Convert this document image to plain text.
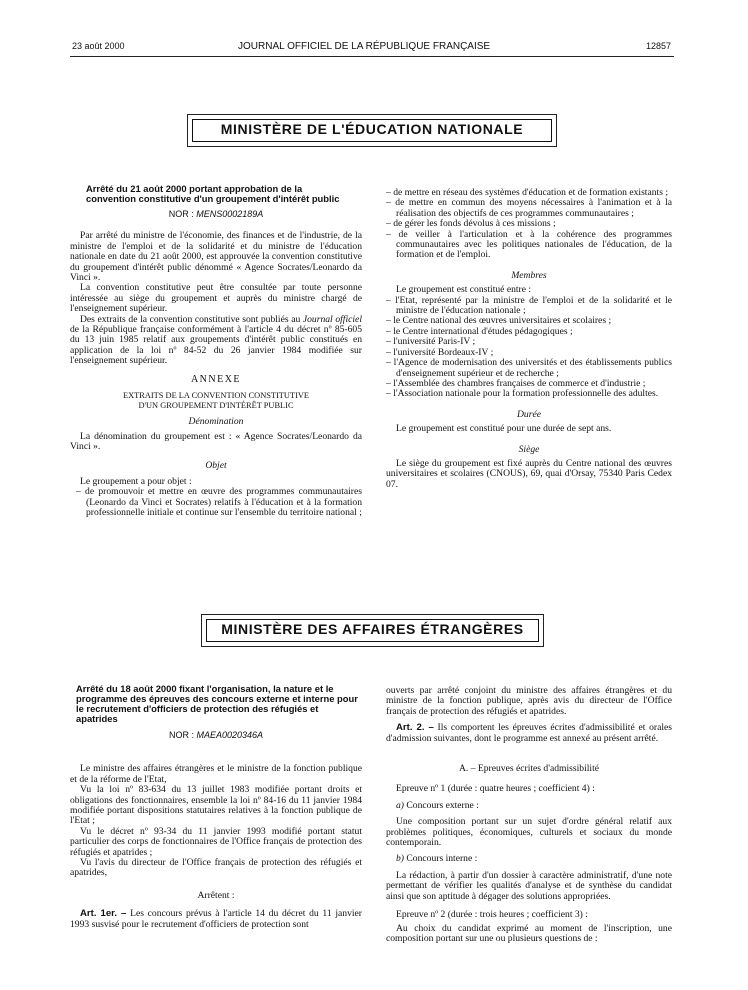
23 août 2000	JOURNAL OFFICIEL DE LA RÉPUBLIQUE FRANÇAISE	12857
MINISTÈRE DE L'ÉDUCATION NATIONALE

Arrêté du 21 août 2000 portant approbation de la convention constitutive d'un groupement d'intérêt public

NOR : MENS0002189A

Par arrêté du ministre de l'économie, des finances et de l'industrie, de la ministre de l'emploi et de la solidarité et du ministre de l'éducation nationale en date du 21 août 2000, est approuvée la convention constitutive du groupement d'intérêt public dénommé « Agence Socrates/Leonardo da Vinci ».

La convention constitutive peut être consultée par toute personne intéressée au siège du groupement et auprès du ministre chargé de l'enseignement supérieur.

Des extraits de la convention constitutive sont publiés au Journal officiel de la République française conformément à l'article 4 du décret nº 85-605 du 13 juin 1985 relatif aux groupements d'intérêt public constitués en application de la loi nº 84-52 du 26 janvier 1984 modifiée sur l'enseignement supérieur.

ANNEXE

EXTRAITS DE LA CONVENTION CONSTITUTIVE

D'UN GROUPEMENT D'INTÉRÊT PUBLIC

Dénomination

La dénomination du groupement est : « Agence Socrates/Leonardo da Vinci ».

Objet

Le groupement a pour objet :

– de promouvoir et mettre en œuvre des programmes communautaires (Leonardo da Vinci et Socrates) relatifs à l'éducation et à la formation professionnelle initiale et continue sur l'ensemble du territoire national ;

– de mettre en réseau des systèmes d'éducation et de formation existants ;

– de mettre en commun des moyens nécessaires à l'animation et à la réalisation des objectifs de ces programmes communautaires ;

– de gérer les fonds dévolus à ces missions ;

– de veiller à l'articulation et à la cohérence des programmes communautaires avec les politiques nationales de l'éducation, de la formation et de l'emploi.

Membres

Le groupement est constitué entre :

– l'Etat, représenté par la ministre de l'emploi et de la solidarité et le ministre de l'éducation nationale ;

– le Centre national des œuvres universitaires et scolaires ;

– le Centre international d'études pédagogiques ;

– l'université Paris-IV ;

– l'université Bordeaux-IV ;

– l'Agence de modernisation des universités et des établissements publics d'enseignement supérieur et de recherche ;

– l'Assemblée des chambres françaises de commerce et d'industrie ;

– l'Association nationale pour la formation professionnelle des adultes.

Durée

Le groupement est constitué pour une durée de sept ans.

Siège

Le siège du groupement est fixé auprès du Centre national des œuvres universitaires et scolaires (CNOUS), 69, quai d'Orsay, 75340 Paris Cedex 07.

MINISTÈRE DES AFFAIRES ÉTRANGÈRES

Arrêté du 18 août 2000 fixant l'organisation, la nature et le programme des épreuves des concours externe et interne pour le recrutement d'officiers de protection des réfugiés et apatrides

NOR : MAEA0020346A

Le ministre des affaires étrangères et le ministre de la fonction publique et de la réforme de l'Etat,

Vu la loi nº 83-634 du 13 juillet 1983 modifiée portant droits et obligations des fonctionnaires, ensemble la loi nº 84-16 du 11 janvier 1984 modifiée portant dispositions statutaires relatives à la fonction publique de l'Etat ;

Vu le décret nº 93-34 du 11 janvier 1993 modifié portant statut particulier des corps de fonctionnaires de l'Office français de protection des réfugiés et apatrides ;

Vu l'avis du directeur de l'Office français de protection des réfugiés et apatrides,

Arrêtent :

Art. 1er. – Les concours prévus à l'article 14 du décret du 11 janvier 1993 susvisé pour le recrutement d'officiers de protection sont

ouverts par arrêté conjoint du ministre des affaires étrangères et du ministre de la fonction publique, après avis du directeur de l'Office français de protection des réfugiés et apatrides.

Art. 2. – Ils comportent les épreuves écrites d'admissibilité et orales d'admission suivantes, dont le programme est annexé au présent arrêté.

A. – Epreuves écrites d'admissibilité

Epreuve nº 1 (durée : quatre heures ; coefficient 4) :

a) Concours externe :

Une composition portant sur un sujet d'ordre général relatif aux problèmes politiques, économiques, culturels et sociaux du monde contemporain.

b) Concours interne :

La rédaction, à partir d'un dossier à caractère administratif, d'une note permettant de vérifier les qualités d'analyse et de synthèse du candidat ainsi que son aptitude à dégager des solutions appropriées.

Epreuve nº 2 (durée : trois heures ; coefficient 3) :

Au choix du candidat exprimé au moment de l'inscription, une composition portant sur une ou plusieurs questions de :
